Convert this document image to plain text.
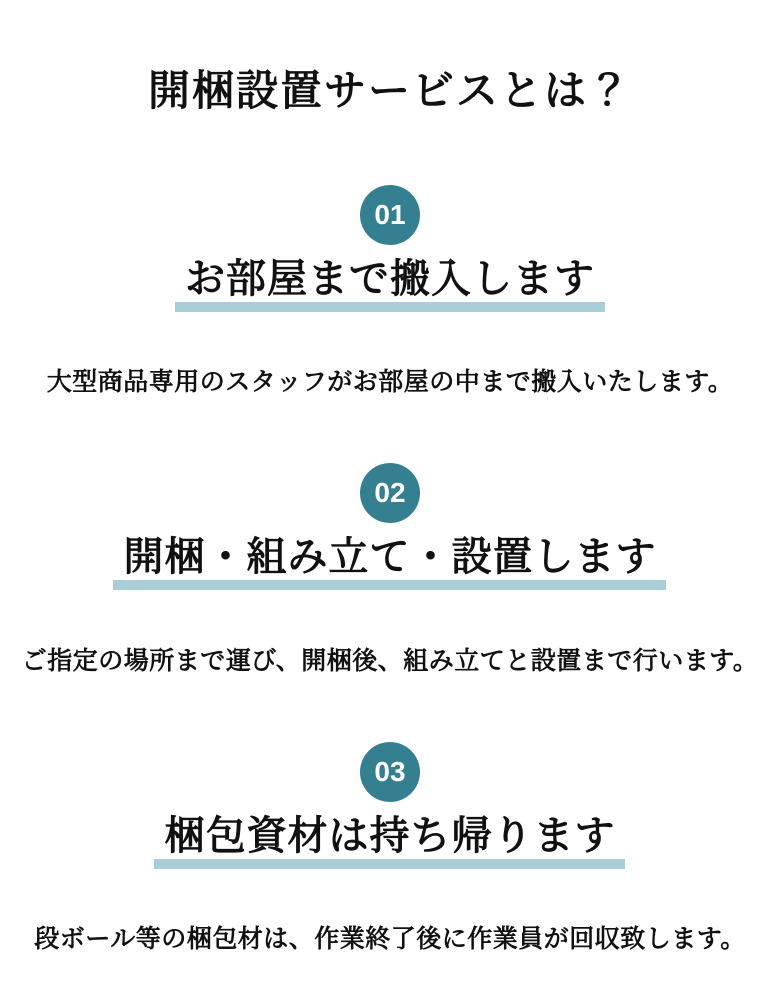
開梱設置サービスとは？
01
お部屋まで搬入します

大型商品専用のスタッフがお部屋の中まで搬入いたします。

02
開梱・組み立て・設置します

ご指定の場所まで運び、開梱後、組み立てと設置まで行います。

03
梱包資材は持ち帰ります

段ボール等の梱包材は、作業終了後に作業員が回収致します。
